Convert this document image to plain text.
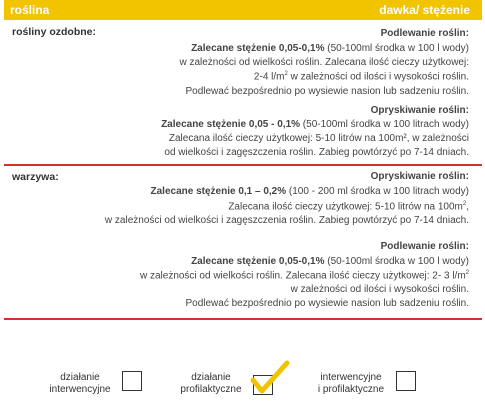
roślina	dawka/ stężenie
rośliny ozdobne:	Podlewanie roślin:
Zalecane stężenie 0,05-0,1% (50-100ml środka w 100 l wody)
w zależności od wielkości roślin. Zalecana ilość cieczy użytkowej:
2-4 $l/m^2$ w zależności od ilości i wysokości roślin.
Podlewać bezpośrednio po wysiewie nasion lub sadzeniu roślin.
Opryskiwanie roślin:
Zalecane stężenie 0,05 - 0,1% (50-100ml środka w 100 litrach wody)
Zalecana ilość cieczy użytkowej: 5-10 litrów na 100m², w zależności
od wielkości i zagęszczenia roślin. Zabieg powtórzyć po 7-14 dniach.
warzywa:	Opryskiwanie roślin:
Zalecane stężenie 0,1 – 0,2% (100 - 200 ml środka w 100 litrach wody)
Zalecana ilość cieczy użytkowej: 5-10 litrów na $100m^2$,
w zależności od wielkości i zagęszczenia roślin. Zabieg powtórzyć po 7-14 dniach.
Podlewanie roślin:
Zalecane stężenie 0,05-0,1% (50-100ml środka w 100 l wody)
w zależności od wielkości roślin. Zalecana ilość cieczy użytkowej: 2- 3 $l/m^2$
w zależności od ilości i wysokości roślin.
Podlewać bezpośrednio po wysiewie nasion lub sadzeniu roślin.
działanie
interwencyjne
działanie
profilaktyczne
interwencyjne
i profilaktyczne
